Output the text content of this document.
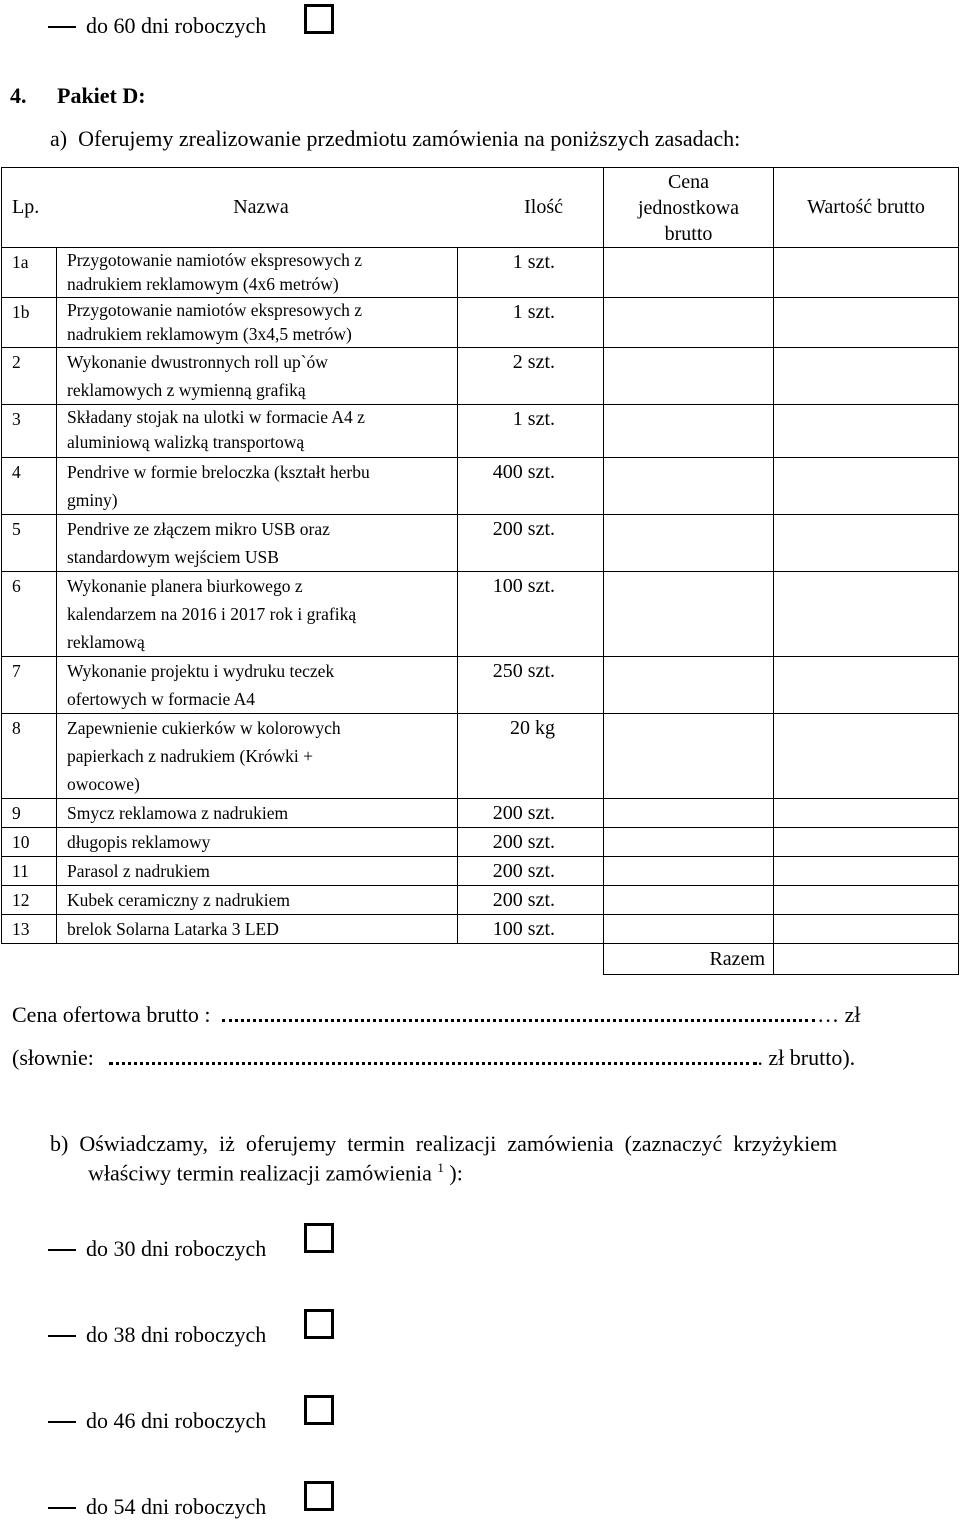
do 60 dni roboczych
4. Pakiet D:
a)  Oferujemy zrealizowanie przedmiotu zamówienia na poniższych zasadach:
Lp.	Nazwa	Ilość	Cena
jednostkowa
brutto	Wartość brutto
1a	Przygotowanie namiotów ekspresowych z
nadrukiem reklamowym (4x6 metrów)	1 szt.		
1b	Przygotowanie namiotów ekspresowych z
nadrukiem reklamowym (3x4,5 metrów)	1 szt.		
2	Wykonanie dwustronnych roll up`ów
reklamowych z wymienną grafiką	2 szt.		
3	Składany stojak na ulotki w formacie A4 z
aluminiową walizką transportową	1 szt.		
4	Pendrive w formie breloczka (kształt herbu
gminy)	400 szt.		
5	Pendrive ze złączem mikro USB oraz
standardowym wejściem USB	200 szt.		
6	Wykonanie planera biurkowego z
kalendarzem na 2016 i 2017 rok i grafiką
reklamową	100 szt.		
7	Wykonanie projektu i wydruku teczek
ofertowych w formacie A4	250 szt.		
8	Zapewnienie cukierków w kolorowych
papierkach z nadrukiem (Krówki +
owocowe)	20 kg		
9	Smycz reklamowa z nadrukiem	200 szt.		
10	długopis reklamowy	200 szt.		
11	Parasol z nadrukiem	200 szt.		
12	Kubek ceramiczny z nadrukiem	200 szt.		
13	brelok Solarna Latarka 3 LED	100 szt.		
			Razem	
Cena ofertowa brutto :	… zł
(słownie:	. zł brutto).
b)  Oświadczamy,  iż  oferujemy  termin  realizacji  zamówienia  (zaznaczyć  krzyżykiem
właściwy termin realizacji zamówienia $^1$ ):
do 30 dni roboczych
do 38 dni roboczych
do 46 dni roboczych
do 54 dni roboczych
